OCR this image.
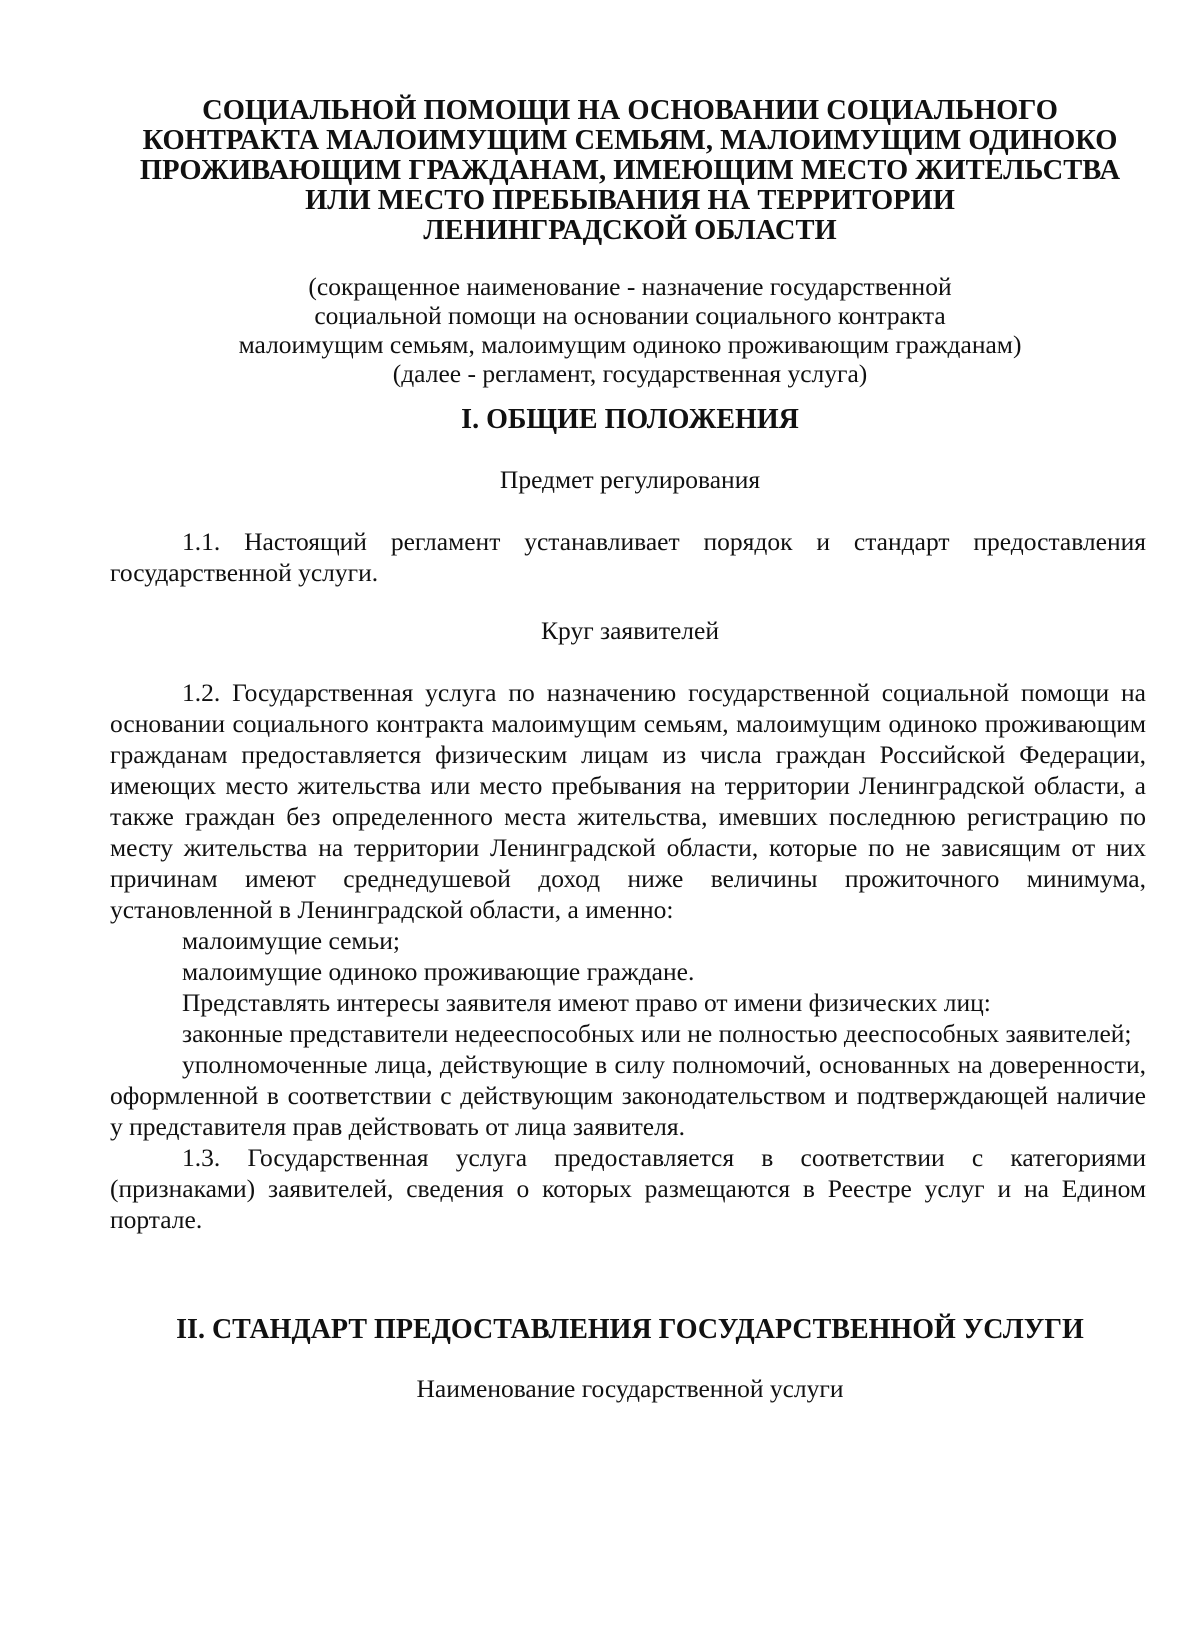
СОЦИАЛЬНОЙ ПОМОЩИ НА ОСНОВАНИИ СОЦИАЛЬНОГО
КОНТРАКТА МАЛОИМУЩИМ СЕМЬЯМ, МАЛОИМУЩИМ ОДИНОКО
ПРОЖИВАЮЩИМ ГРАЖДАНАМ, ИМЕЮЩИМ МЕСТО ЖИТЕЛЬСТВА
ИЛИ МЕСТО ПРЕБЫВАНИЯ НА ТЕРРИТОРИИ
ЛЕНИНГРАДСКОЙ ОБЛАСТИ
(сокращенное наименование - назначение государственной
социальной помощи на основании социального контракта
малоимущим семьям, малоимущим одиноко проживающим гражданам)
(далее - регламент, государственная услуга)
I. ОБЩИЕ ПОЛОЖЕНИЯ
Предмет регулирования

1.1. Настоящий регламент устанавливает порядок и стандарт предоставления государственной услуги.

Круг заявителей

1.2. Государственная услуга по назначению государственной социальной помощи на основании социального контракта малоимущим семьям, малоимущим одиноко проживающим гражданам предоставляется физическим лицам из числа граждан Российской Федерации, имеющих место жительства или место пребывания на территории Ленинградской области, а также граждан без определенного места жительства, имевших последнюю регистрацию по месту жительства на территории Ленинградской области, которые по не зависящим от них причинам имеют среднедушевой доход ниже величины прожиточного минимума, установленной в Ленинградской области, а именно:

малоимущие семьи;

малоимущие одиноко проживающие граждане.

Представлять интересы заявителя имеют право от имени физических лиц:

законные представители недееспособных или не полностью дееспособных заявителей;

уполномоченные лица, действующие в силу полномочий, основанных на доверенности, оформленной в соответствии с действующим законодательством и подтверждающей наличие у представителя прав действовать от лица заявителя.

1.3. Государственная услуга предоставляется в соответствии с категориями (признаками) заявителей, сведения о которых размещаются в Реестре услуг и на Едином портале.

II. СТАНДАРТ ПРЕДОСТАВЛЕНИЯ ГОСУДАРСТВЕННОЙ УСЛУГИ
Наименование государственной услуги
